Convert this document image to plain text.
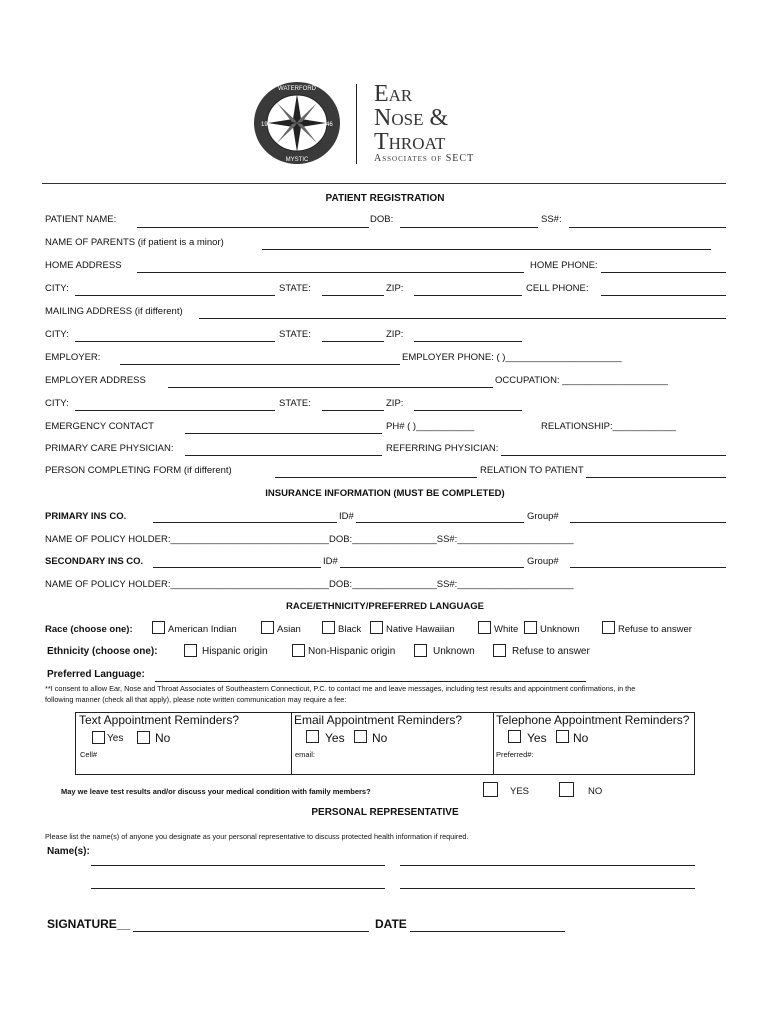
WATERFORD
19	46
MYSTIC
Ear
Nose &
Throat
Associates of SECT
PATIENT REGISTRATION
PATIENT NAME:	DOB:	SS#:
NAME OF PARENTS (if patient is a minor)
HOME ADDRESS	HOME PHONE:
CITY:	STATE:	ZIP:	CELL PHONE:
MAILING ADDRESS (if different)
CITY:	STATE:	ZIP:
EMPLOYER:	EMPLOYER PHONE: ( )______________________
EMPLOYER ADDRESS	OCCUPATION: ____________________
CITY:	STATE:	ZIP:
EMERGENCY CONTACT	PH# ( )___________	RELATIONSHIP:____________
PRIMARY CARE PHYSICIAN:	REFERRING PHYSICIAN:
PERSON COMPLETING FORM (if different)	RELATION TO PATIENT
INSURANCE INFORMATION (MUST BE COMPLETED)
PRIMARY INS CO.	ID#	Group#
NAME OF POLICY HOLDER:______________________________DOB:________________SS#:______________________
SECONDARY INS CO.	ID#	Group#
NAME OF POLICY HOLDER:______________________________DOB:________________SS#:______________________
RACE/ETHNICITY/PREFERRED LANGUAGE
Race (choose one):	American Indian	Asian	Black	Native Hawaiian	White Unknown	Refuse to answer
Ethnicity (choose one):	Hispanic origin	Non-Hispanic origin	Unknown	Refuse to answer
Preferred Language:
**I consent to allow Ear, Nose and Throat Associates of Southeastern Connecticut, P.C. to contact me and leave messages, including test results and appointment confirmations, in the
following manner (check all that apply), please note written communication may require a fee:
Text Appointment Reminders?
Yes	No
Cell#
Email Appointment Reminders?
Yes No
email:
Telephone Appointment Reminders?
Yes No
Preferred#:
May we leave test results and/or discuss your medical condition with family members?	YES	NO
PERSONAL REPRESENTATIVE
Please list the name(s) of anyone you designate as your personal representative to discuss protected health information if required.
Name(s):
SIGNATURE__	DATE
